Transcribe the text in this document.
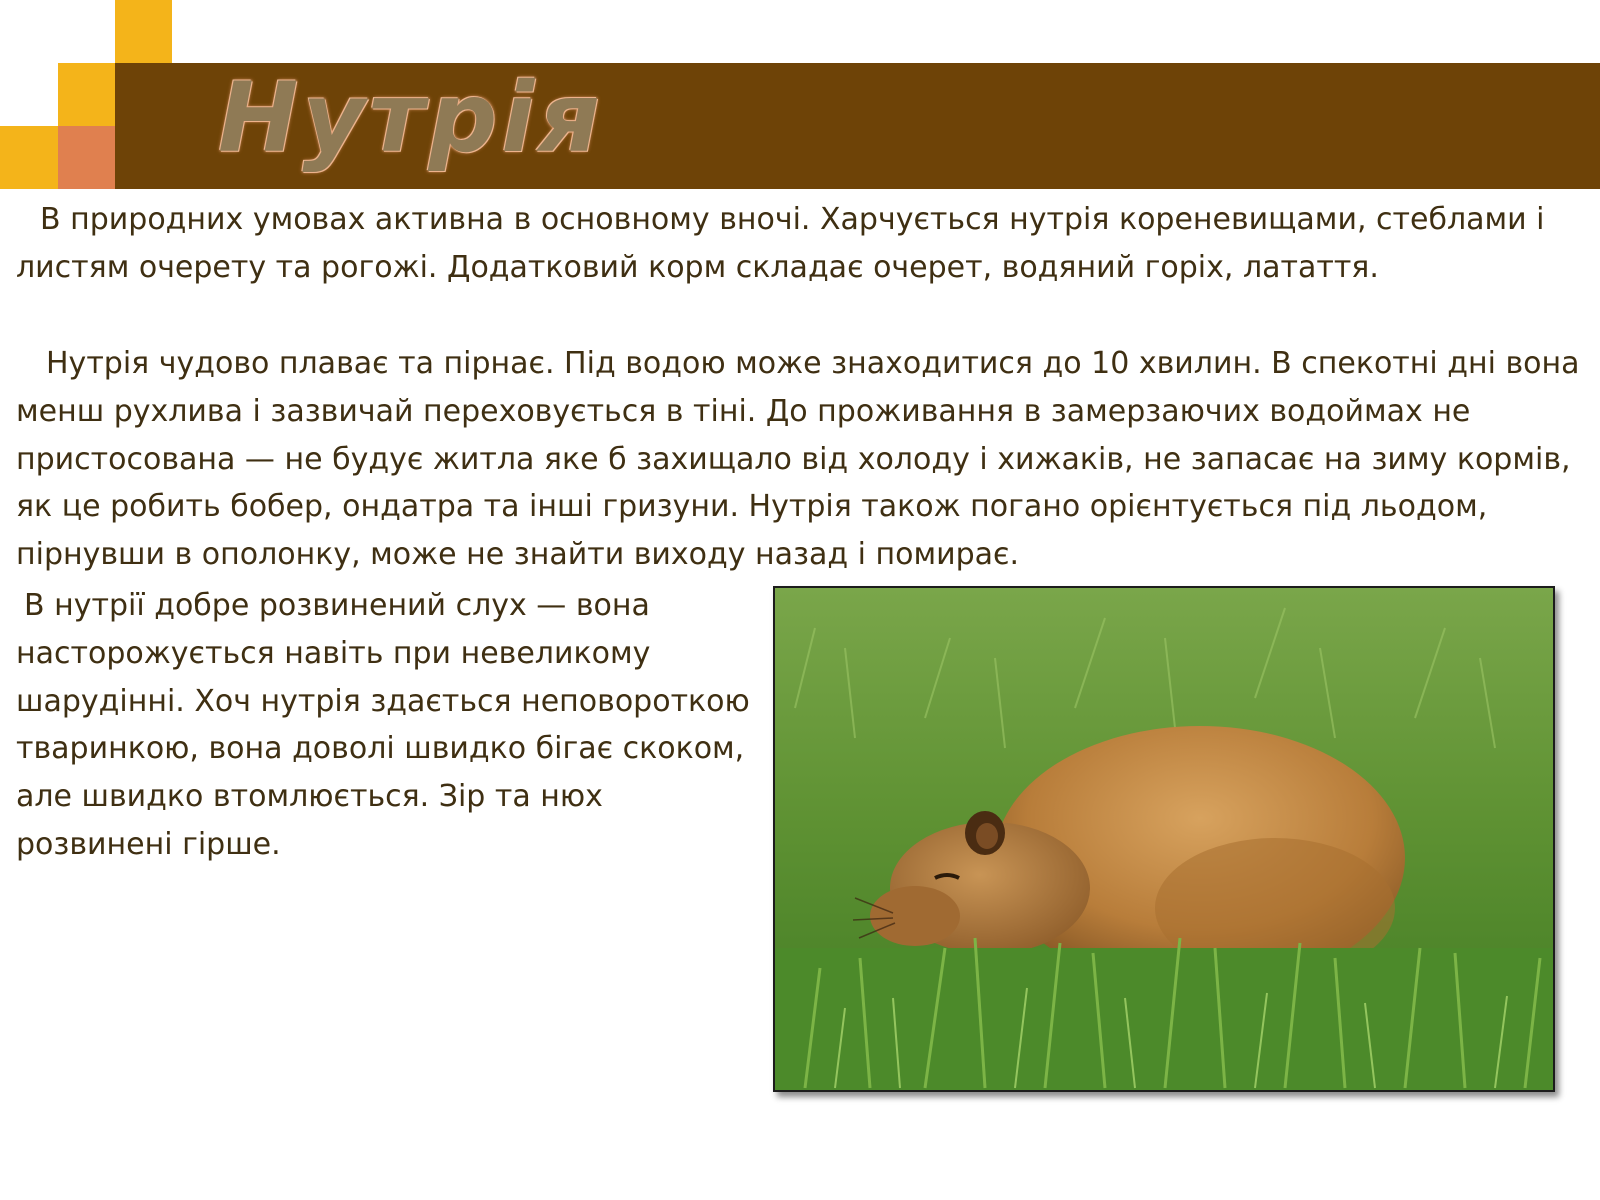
Нутрія

В природних умовах активна в основному вночі. Харчується нутрія кореневищами, стеблами і листям очерету та рогожі. Додатковий корм складає очерет, водяний горіх, латаття.

Нутрія чудово плаває та пірнає. Під водою може знаходитися до 10 хвилин. В спекотні дні вона менш рухлива і зазвичай переховується в тіні. До проживання в замерзаючих водоймах не пристосована — не будує житла яке б захищало від холоду і хижаків, не запасає на зиму кормів, як це робить бобер, ондатра та інші гризуни. Нутрія також погано орієнтується під льодом, пірнувши в ополонку, може не знайти виходу назад і помирає.

В нутрії добре розвинений слух — вона насторожується навіть при невеликому шарудінні. Хоч нутрія здається неповороткою тваринкою, вона доволі швидко бігає скоком, але швидко втомлюється. Зір та нюх розвинені гірше.
